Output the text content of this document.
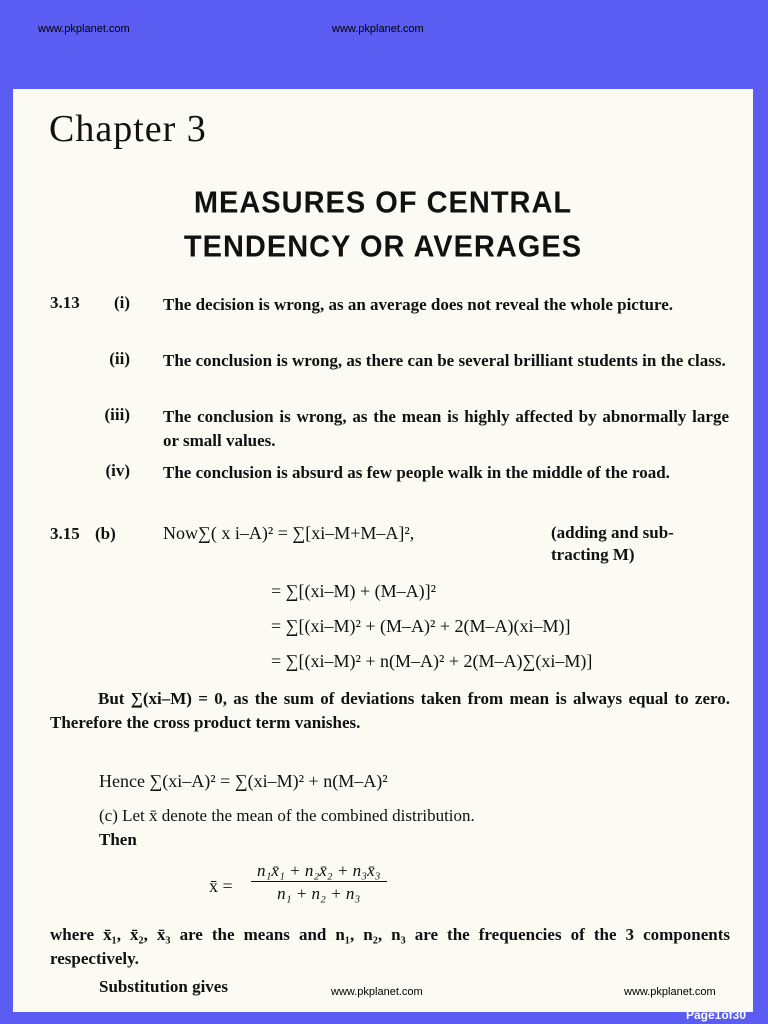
www.pkplanet.com	www.pkplanet.com
Chapter 3
MEASURES OF CENTRAL
TENDENCY OR AVERAGES
3.13	(i) The decision is wrong, as an average does not reveal the whole picture.
(ii) The conclusion is wrong, as there can be several brilliant students in the class.
(iii) The conclusion is wrong, as the mean is highly affected by abnormally large or small values.
(iv) The conclusion is absurd as few people walk in the middle of the road.
3.15 (b)	Now∑( x i–A)² = ∑[xi–M+M–A]²,	(adding and sub-
tracting M)
= ∑[(xi–M) + (M–A)]²
= ∑[(xi–M)² + (M–A)² + 2(M–A)(xi–M)]
= ∑[(xi–M)² + n(M–A)² + 2(M–A)∑(xi–M)]
But ∑(xi–M) = 0, as the sum of deviations taken from mean is always equal to zero. Therefore the cross product term vanishes.
Hence ∑(xi–A)² = ∑(xi–M)² + n(M–A)²
(c) Let x̄ denote the mean of the combined distribution.
Then
x̄ = $\frac{\text{n₁x̄₁ + n₂x̄₂ + n₃x̄₃}}{\text{n₁ + n₂ + n₃}}$
where x̄₁, x̄₂, x̄₃ are the means and n₁, n₂, n₃ are the frequencies of the 3 components respectively.
Substitution gives	www.pkplanet.com	www.pkplanet.com
Page1of30
